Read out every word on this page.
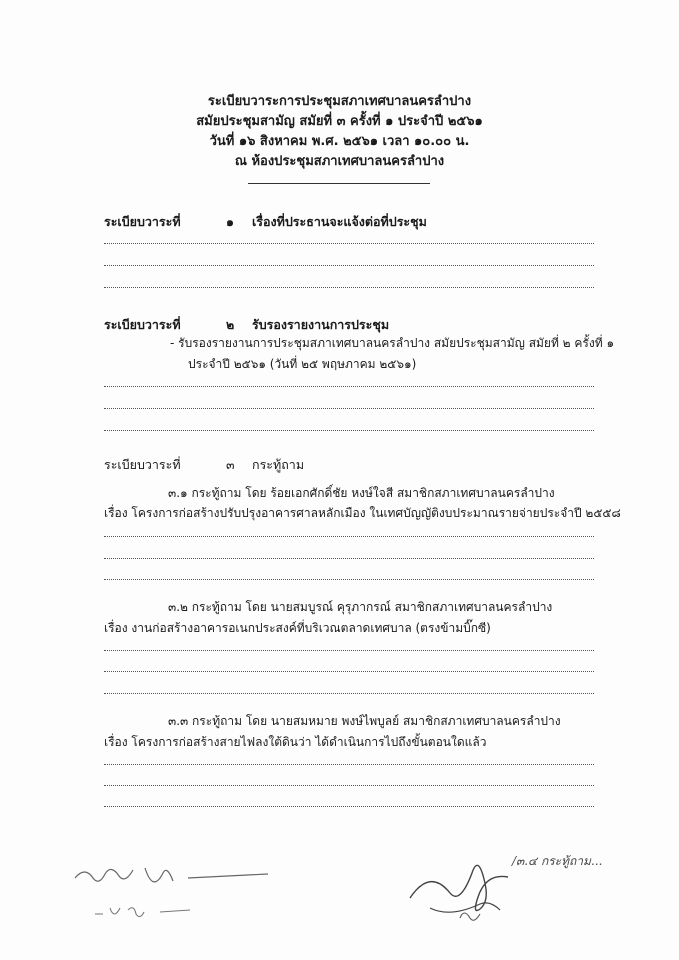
ระเบียบวาระการประชุมสภาเทศบาลนครลำปาง
สมัยประชุมสามัญ สมัยที่ ๓ ครั้งที่ ๑ ประจำปี ๒๕๖๑
วันที่ ๑๖ สิงหาคม พ.ศ. ๒๕๖๑ เวลา ๑๐.๐๐ น.
ณ ห้องประชุมสภาเทศบาลนครลำปาง
ระเบียบวาระที่	๑ เรื่องที่ประธานจะแจ้งต่อที่ประชุม
ระเบียบวาระที่	๒ รับรองรายงานการประชุม
- รับรองรายงานการประชุมสภาเทศบาลนครลำปาง สมัยประชุมสามัญ สมัยที่ ๒ ครั้งที่ ๑
ประจำปี ๒๕๖๑ (วันที่ ๒๕ พฤษภาคม ๒๕๖๑)
ระเบียบวาระที่	๓ กระทู้ถาม
๓.๑ กระทู้ถาม โดย ร้อยเอกศักดิ์ชัย หงษ์ใจสี สมาชิกสภาเทศบาลนครลำปาง
เรื่อง โครงการก่อสร้างปรับปรุงอาคารศาลหลักเมือง ในเทศบัญญัติงบประมาณรายจ่ายประจำปี ๒๕๕๘
๓.๒ กระทู้ถาม โดย นายสมบูรณ์ คุรุภากรณ์ สมาชิกสภาเทศบาลนครลำปาง
เรื่อง งานก่อสร้างอาคารอเนกประสงค์ที่บริเวณตลาดเทศบาล (ตรงข้ามบิ๊กซี)
๓.๓ กระทู้ถาม โดย นายสมหมาย พงษ์ไพบูลย์ สมาชิกสภาเทศบาลนครลำปาง
เรื่อง โครงการก่อสร้างสายไฟลงใต้ดินว่า ได้ดำเนินการไปถึงขั้นตอนใดแล้ว
/๓.๔ กระทู้ถาม...
